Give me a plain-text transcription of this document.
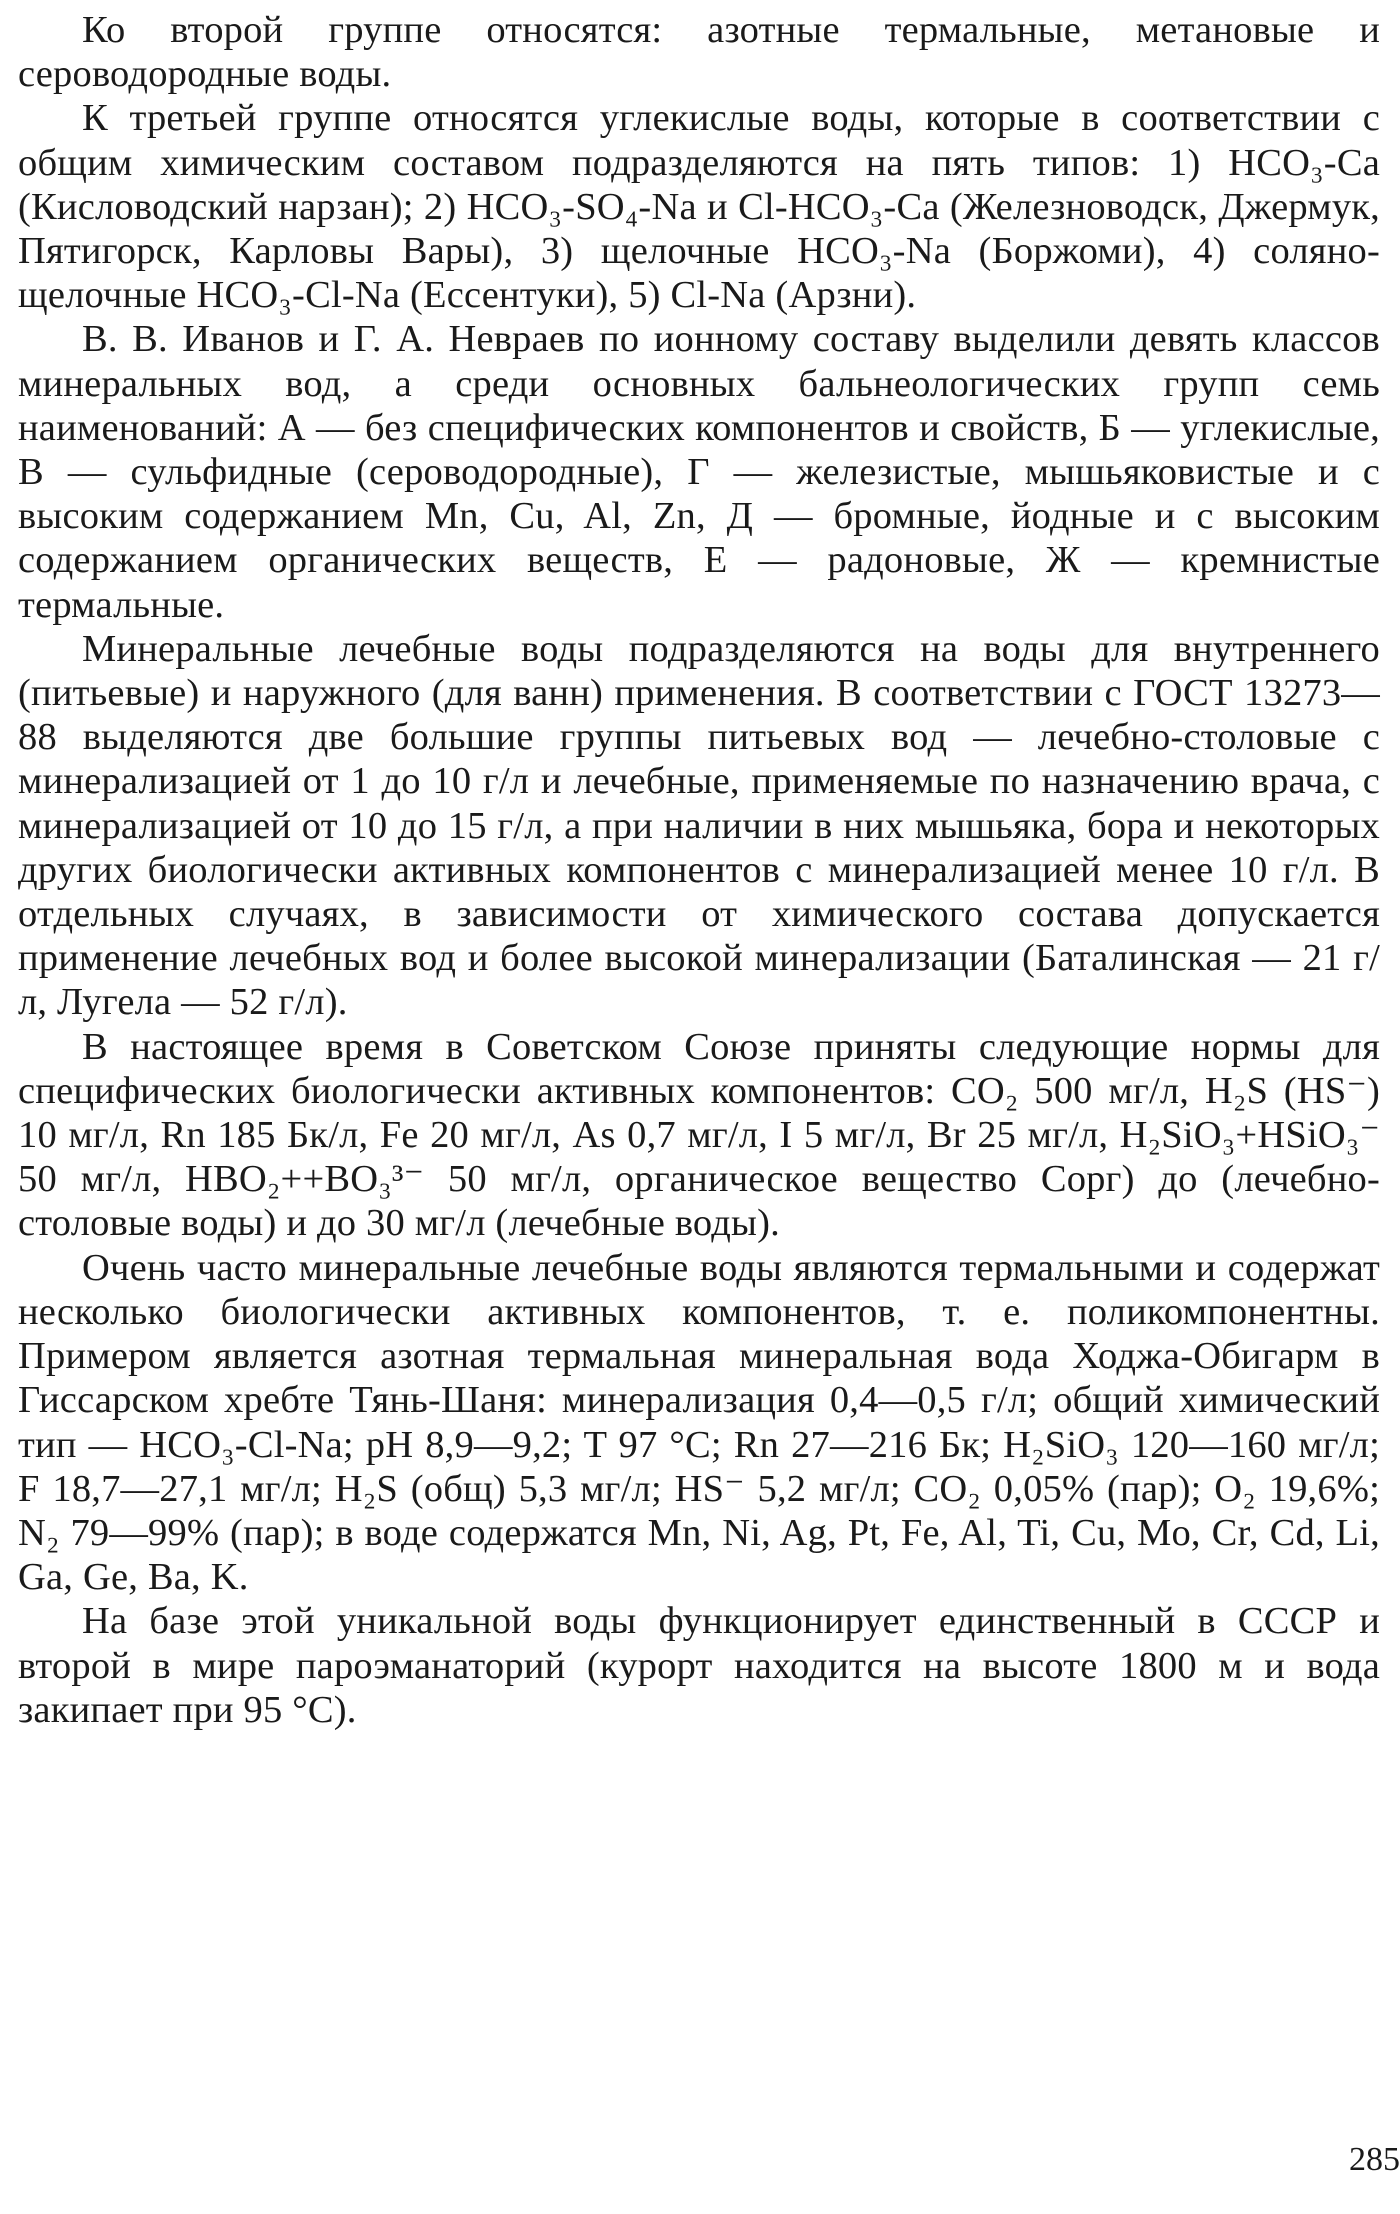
Ко второй группе относятся: азотные термальные, метановые и сероводородные воды.

К третьей группе относятся углекислые воды, которые в соответствии с общим химическим составом подразделяются на пять типов: 1) HCO₃-Ca (Кисловодский нарзан); 2) HCO₃-SO₄-Na и Cl-HCO₃-Ca (Железноводск, Джермук, Пятигорск, Карловы Вары), 3) щелочные HCO₃-Na (Боржоми), 4) соляно-щелочные HCO₃-Cl-Na (Ессентуки), 5) Cl-Na (Арзни).

В. В. Иванов и Г. А. Невраев по ионному составу выделили девять классов минеральных вод, а среди основных бальнеологических групп семь наименований: А — без специфических компонентов и свойств, Б — углекислые, В — сульфидные (сероводородные), Г — железистые, мышьяковистые и с высоким содержанием Mn, Cu, Al, Zn, Д — бромные, йодные и с высоким содержанием органических веществ, Е — радоновые, Ж — кремнистые термальные.

Минеральные лечебные воды подразделяются на воды для внутреннего (питьевые) и наружного (для ванн) применения. В соответствии с ГОСТ 13273—88 выделяются две большие группы питьевых вод — лечебно-столовые с минерализацией от 1 до 10 г/л и лечебные, применяемые по назначению врача, с минерализацией от 10 до 15 г/л, а при наличии в них мышьяка, бора и некоторых других биологически активных компонентов с минерализацией менее 10 г/л. В отдельных случаях, в зависимости от химического состава допускается применение лечебных вод и более высокой минерализации (Баталинская — 21 г/л, Лугела — 52 г/л).

В настоящее время в Советском Союзе приняты следующие нормы для специфических биологически активных компонентов: CO₂ 500 мг/л, H₂S (HS⁻) 10 мг/л, Rn 185 Бк/л, Fe 20 мг/л, As 0,7 мг/л, I 5 мг/л, Br 25 мг/л, H₂SiO₃+HSiO₃⁻ 50 мг/л, HBO₂++BO₃³⁻ 50 мг/л, органическое вещество Cорг) до (лечебно-столовые воды) и до 30 мг/л (лечебные воды).

Очень часто минеральные лечебные воды являются термальными и содержат несколько биологически активных компонентов, т. е. поликомпонентны. Примером является азотная термальная минеральная вода Ходжа-Обигарм в Гиссарском хребте Тянь-Шаня: минерализация 0,4—0,5 г/л; общий химический тип — HCO₃-Cl-Na; pH 8,9—9,2; T 97 °C; Rn 27—216 Бк; H₂SiO₃ 120—160 мг/л; F 18,7—27,1 мг/л; H₂S (общ) 5,3 мг/л; HS⁻ 5,2 мг/л; CO₂ 0,05% (пар); O₂ 19,6%; N₂ 79—99% (пар); в воде содержатся Mn, Ni, Ag, Pt, Fe, Al, Ti, Cu, Mo, Cr, Cd, Li, Ga, Ge, Ba, K.

На базе этой уникальной воды функционирует единственный в СССР и второй в мире пароэманаторий (курорт находится на высоте 1800 м и вода закипает при 95 °C).

285
